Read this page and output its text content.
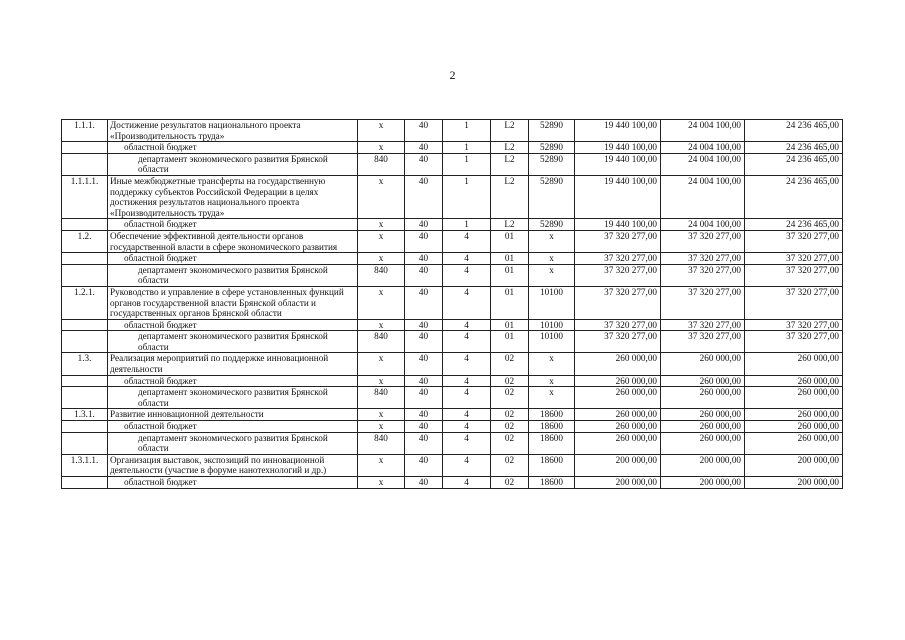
2
1.1.1.	Достижение результатов национального проекта «Производительность труда»	х	40	1	L2	52890	19 440 100,00	24 004 100,00	24 236 465,00
	областной бюджет	х	40	1	L2	52890	19 440 100,00	24 004 100,00	24 236 465,00
	департамент экономического развития Брянской области	840	40	1	L2	52890	19 440 100,00	24 004 100,00	24 236 465,00
1.1.1.1.	Иные межбюджетные трансферты на государственную поддержку субъектов Российской Федерации в целях достижения результатов национального проекта «Производительность труда»	х	40	1	L2	52890	19 440 100,00	24 004 100,00	24 236 465,00
	областной бюджет	х	40	1	L2	52890	19 440 100,00	24 004 100,00	24 236 465,00
1.2.	Обеспечение эффективной деятельности органов государственной власти в сфере экономического развития	х	40	4	01	х	37 320 277,00	37 320 277,00	37 320 277,00
	областной бюджет	х	40	4	01	х	37 320 277,00	37 320 277,00	37 320 277,00
	департамент экономического развития Брянской области	840	40	4	01	х	37 320 277,00	37 320 277,00	37 320 277,00
1.2.1.	Руководство и управление в сфере установленных функций органов государственной власти Брянской области и государственных органов Брянской области	х	40	4	01	10100	37 320 277,00	37 320 277,00	37 320 277,00
	областной бюджет	х	40	4	01	10100	37 320 277,00	37 320 277,00	37 320 277,00
	департамент экономического развития Брянской области	840	40	4	01	10100	37 320 277,00	37 320 277,00	37 320 277,00
1.3.	Реализация мероприятий по поддержке инновационной деятельности	х	40	4	02	х	260 000,00	260 000,00	260 000,00
	областной бюджет	х	40	4	02	х	260 000,00	260 000,00	260 000,00
	департамент экономического развития Брянской области	840	40	4	02	х	260 000,00	260 000,00	260 000,00
1.3.1.	Развитие инновационной деятельности	х	40	4	02	18600	260 000,00	260 000,00	260 000,00
	областной бюджет	х	40	4	02	18600	260 000,00	260 000,00	260 000,00
	департамент экономического развития Брянской области	840	40	4	02	18600	260 000,00	260 000,00	260 000,00
1.3.1.1.	Организация выставок, экспозиций по инновационной деятельности (участие в форуме нанотехнологий и др.)	х	40	4	02	18600	200 000,00	200 000,00	200 000,00
	областной бюджет	х	40	4	02	18600	200 000,00	200 000,00	200 000,00
